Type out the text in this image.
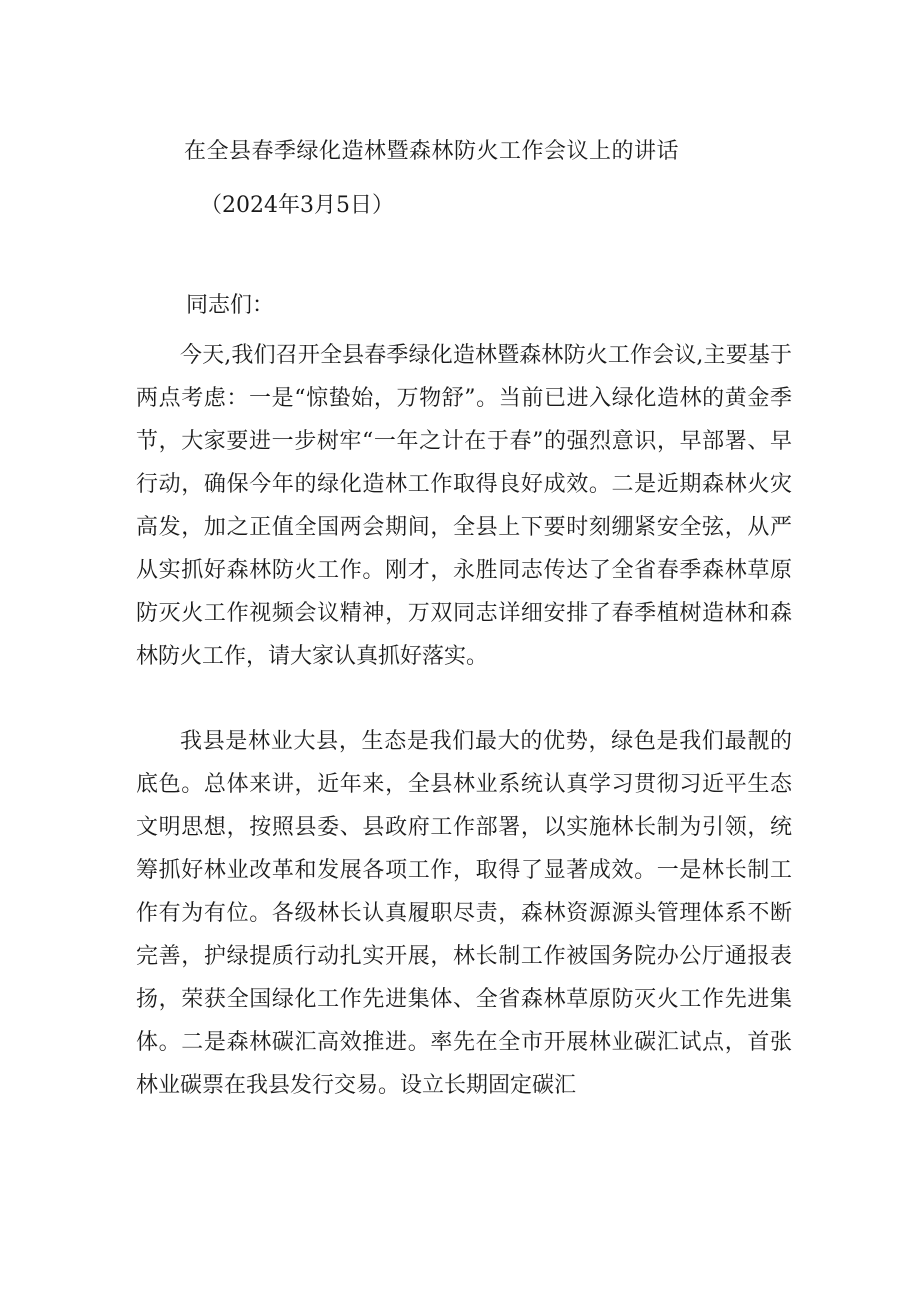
在全县春季绿化造林暨森林防火工作会议上的讲话
（2024年3月5日）
同志们：

今天,我们召开全县春季绿化造林暨森林防火工作会议,主要基于两点考虑：一是“惊蛰始，万物舒”。当前已进入绿化造林的黄金季节，大家要进一步树牢“一年之计在于春”的强烈意识，早部署、早行动，确保今年的绿化造林工作取得良好成效。二是近期森林火灾高发，加之正值全国两会期间，全县上下要时刻绷紧安全弦，从严从实抓好森林防火工作。刚才，永胜同志传达了全省春季森林草原防灭火工作视频会议精神，万双同志详细安排了春季植树造林和森林防火工作，请大家认真抓好落实。

我县是林业大县，生态是我们最大的优势，绿色是我们最靓的底色。总体来讲，近年来，全县林业系统认真学习贯彻习近平生态文明思想，按照县委、县政府工作部署，以实施林长制为引领，统筹抓好林业改革和发展各项工作，取得了显著成效。一是林长制工作有为有位。各级林长认真履职尽责，森林资源源头管理体系不断完善，护绿提质行动扎实开展，林长制工作被国务院办公厅通报表扬，荣获全国绿化工作先进集体、全省森林草原防灭火工作先进集体。二是森林碳汇高效推进。率先在全市开展林业碳汇试点，首张林业碳票在我县发行交易。设立长期固定碳汇
